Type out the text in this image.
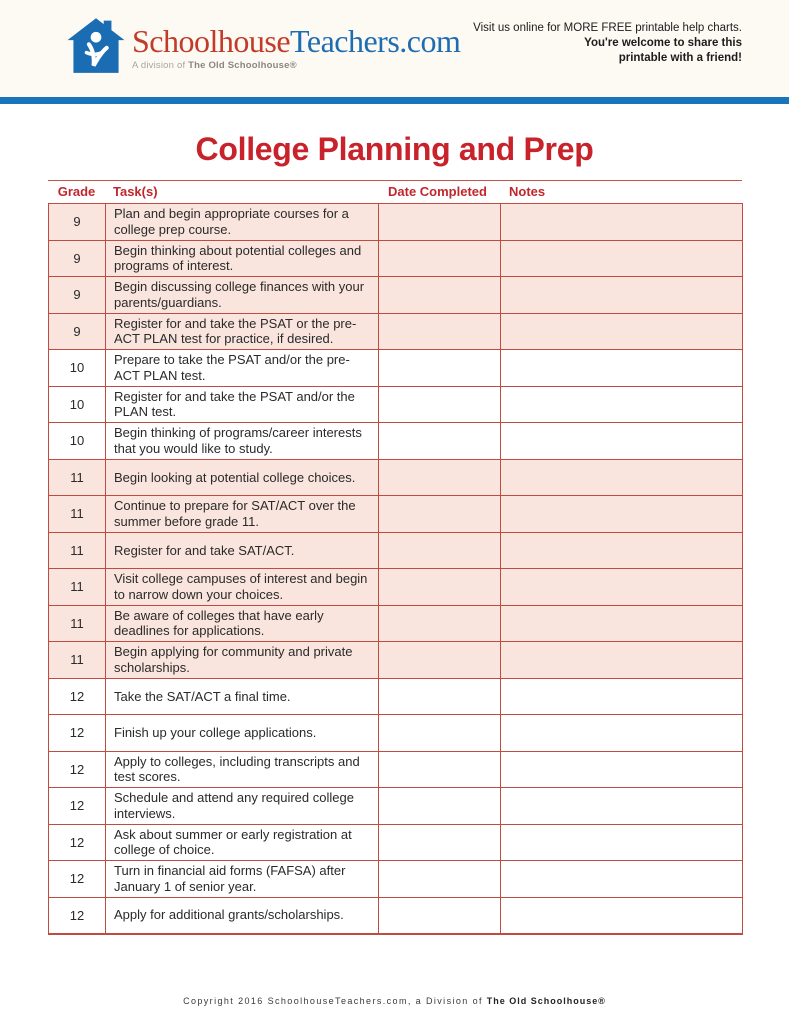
SchoolhouseTeachers.com
A division of The Old Schoolhouse®
Visit us online for MORE FREE printable help charts.
You're welcome to share this
printable with a friend!
College Planning and Prep
Grade	Task(s)	Date Completed	Notes
9	Plan and begin appropriate courses for a college prep course.		
9	Begin thinking about potential colleges and programs of interest.		
9	Begin discussing college finances with your parents/guardians.		
9	Register for and take the PSAT or the pre-ACT PLAN test for practice, if desired.		
10	Prepare to take the PSAT and/or the pre-ACT PLAN test.		
10	Register for and take the PSAT and/or the PLAN test.		
10	Begin thinking of programs/career interests that you would like to study.		
11	Begin looking at potential college choices.		
11	Continue to prepare for SAT/ACT over the summer before grade 11.		
11	Register for and take SAT/ACT.		
11	Visit college campuses of interest and begin to narrow down your choices.		
11	Be aware of colleges that have early deadlines for applications.		
11	Begin applying for community and private scholarships.		
12	Take the SAT/ACT a final time.		
12	Finish up your college applications.		
12	Apply to colleges, including transcripts and test scores.		
12	Schedule and attend any required college interviews.		
12	Ask about summer or early registration at college of choice.		
12	Turn in financial aid forms (FAFSA) after January 1 of senior year.		
12	Apply for additional grants/scholarships.		
Copyright 2016 SchoolhouseTeachers.com, a Division of The Old Schoolhouse®
